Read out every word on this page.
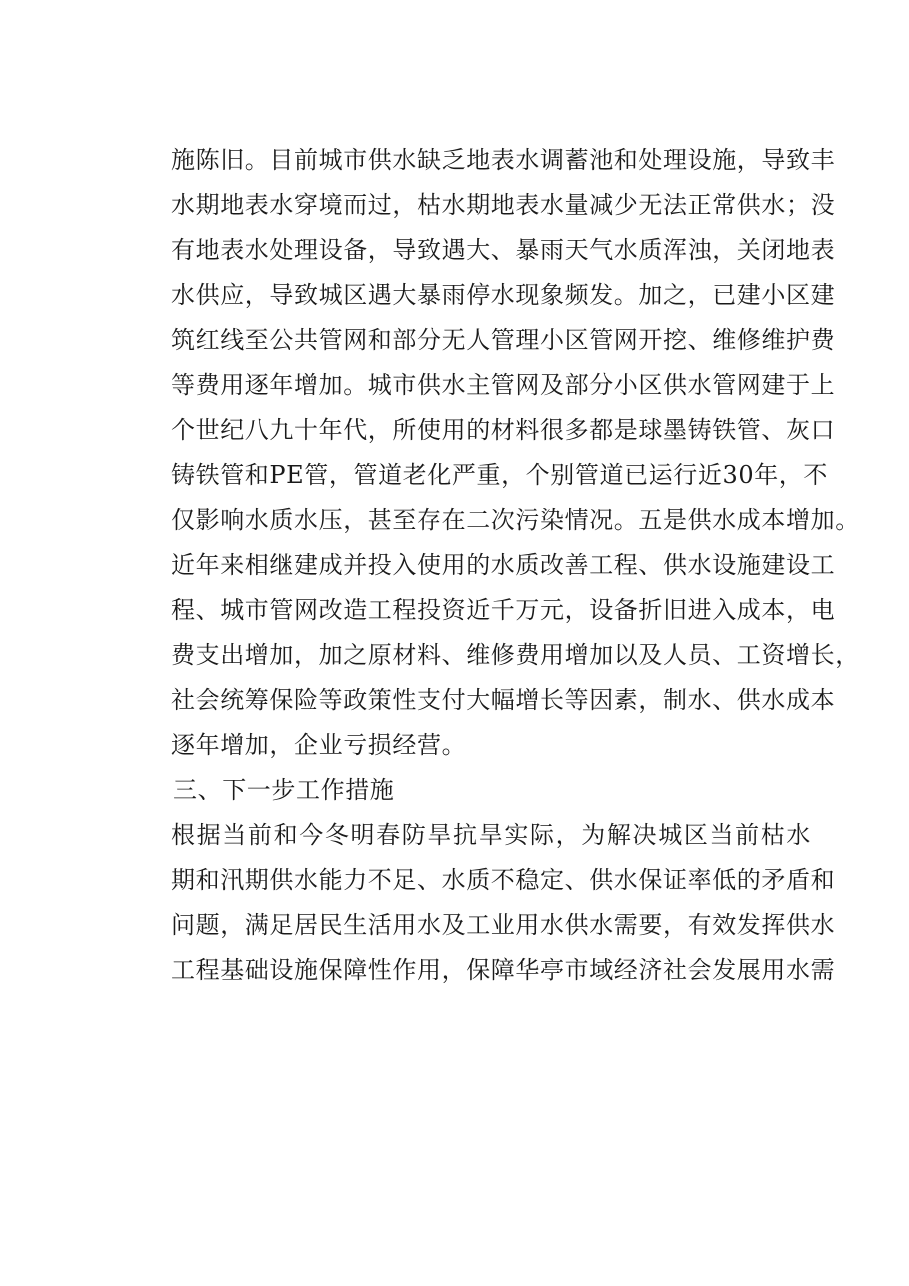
施陈旧。目前城市供水缺乏地表水调蓄池和处理设施，导致丰
水期地表水穿境而过，枯水期地表水量减少无法正常供水；没
有地表水处理设备，导致遇大、暴雨天气水质浑浊，关闭地表
水供应，导致城区遇大暴雨停水现象频发。加之，已建小区建
筑红线至公共管网和部分无人管理小区管网开挖、维修维护费
等费用逐年增加。城市供水主管网及部分小区供水管网建于上
个世纪八九十年代，所使用的材料很多都是球墨铸铁管、灰口
铸铁管和PE管，管道老化严重，个别管道已运行近30年，不
仅影响水质水压，甚至存在二次污染情况。五是供水成本增加。
近年来相继建成并投入使用的水质改善工程、供水设施建设工
程、城市管网改造工程投资近千万元，设备折旧进入成本，电
费支出增加，加之原材料、维修费用增加以及人员、工资增长，
社会统筹保险等政策性支付大幅增长等因素，制水、供水成本
逐年增加，企业亏损经营。
三、下一步工作措施
根据当前和今冬明春防旱抗旱实际，为解决城区当前枯水
期和汛期供水能力不足、水质不稳定、供水保证率低的矛盾和
问题，满足居民生活用水及工业用水供水需要，有效发挥供水
工程基础设施保障性作用，保障华亭市域经济社会发展用水需
